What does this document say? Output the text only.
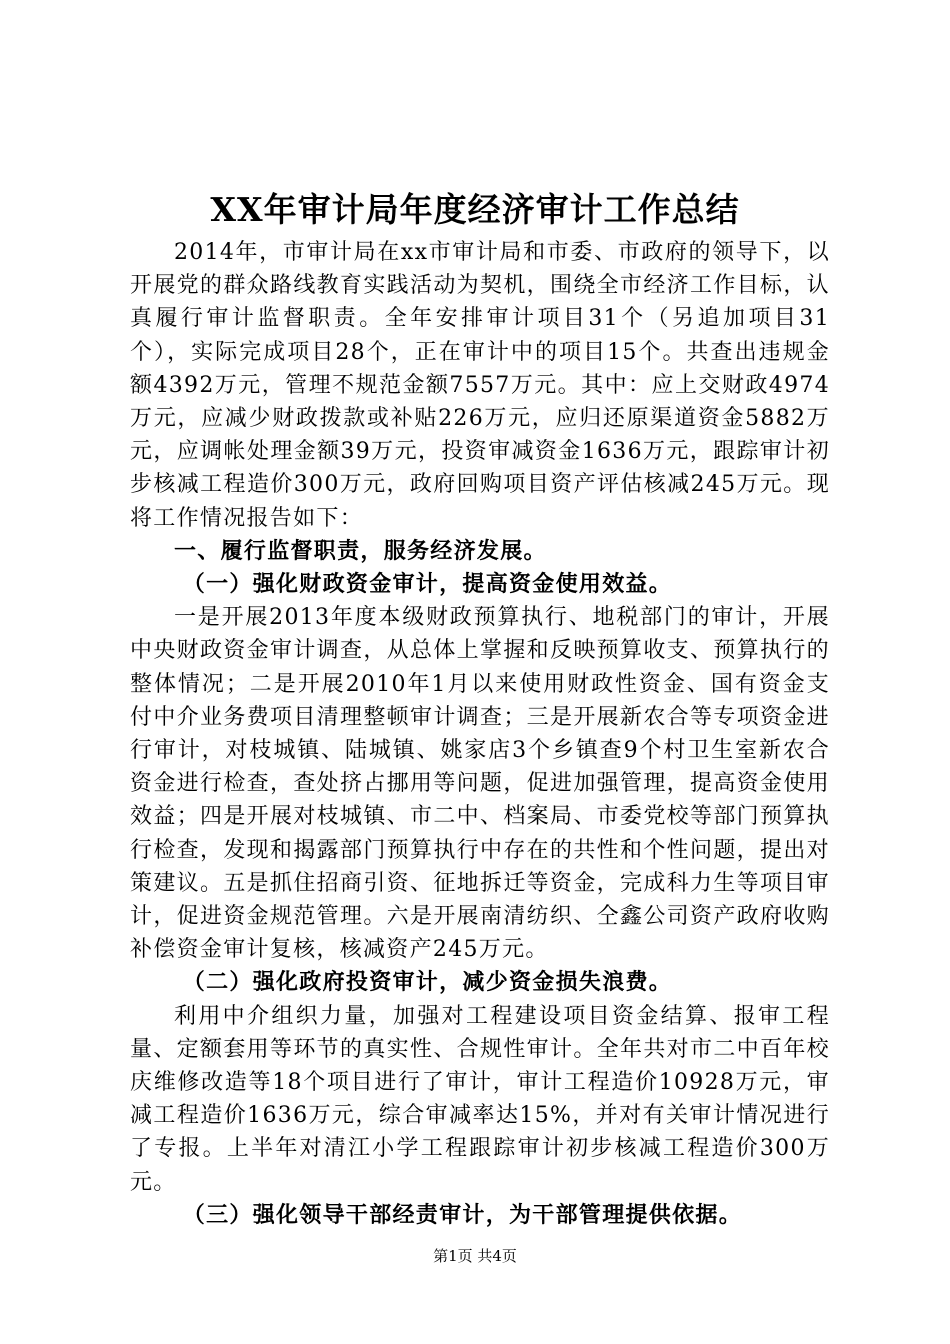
XX年审计局年度经济审计工作总结

2014年，市审计局在xx市审计局和市委、市政府的领导下，以开展党的群众路线教育实践活动为契机，围绕全市经济工作目标，认真履行审计监督职责。全年安排审计项目31个（另追加项目31个），实际完成项目28个，正在审计中的项目15个。共查出违规金额4392万元，管理不规范金额7557万元。其中：应上交财政4974万元，应减少财政拨款或补贴226万元，应归还原渠道资金5882万元，应调帐处理金额39万元，投资审减资金1636万元，跟踪审计初步核减工程造价300万元，政府回购项目资产评估核减245万元。现将工作情况报告如下：

一、履行监督职责，服务经济发展。

（一）强化财政资金审计，提高资金使用效益。

一是开展2013年度本级财政预算执行、地税部门的审计，开展中央财政资金审计调查，从总体上掌握和反映预算收支、预算执行的整体情况；二是开展2010年1月以来使用财政性资金、国有资金支付中介业务费项目清理整顿审计调查；三是开展新农合等专项资金进行审计，对枝城镇、陆城镇、姚家店3个乡镇查9个村卫生室新农合资金进行检查，查处挤占挪用等问题，促进加强管理，提高资金使用效益；四是开展对枝城镇、市二中、档案局、市委党校等部门预算执行检查，发现和揭露部门预算执行中存在的共性和个性问题，提出对策建议。五是抓住招商引资、征地拆迁等资金，完成科力生等项目审计，促进资金规范管理。六是开展南清纺织、仝鑫公司资产政府收购补偿资金审计复核，核减资产245万元。

（二）强化政府投资审计，减少资金损失浪费。

利用中介组织力量，加强对工程建设项目资金结算、报审工程量、定额套用等环节的真实性、合规性审计。全年共对市二中百年校庆维修改造等18个项目进行了审计，审计工程造价10928万元，审减工程造价1636万元，综合审减率达15%，并对有关审计情况进行了专报。上半年对清江小学工程跟踪审计初步核减工程造价300万元。

（三）强化领导干部经责审计，为干部管理提供依据。

第1页 共4页
